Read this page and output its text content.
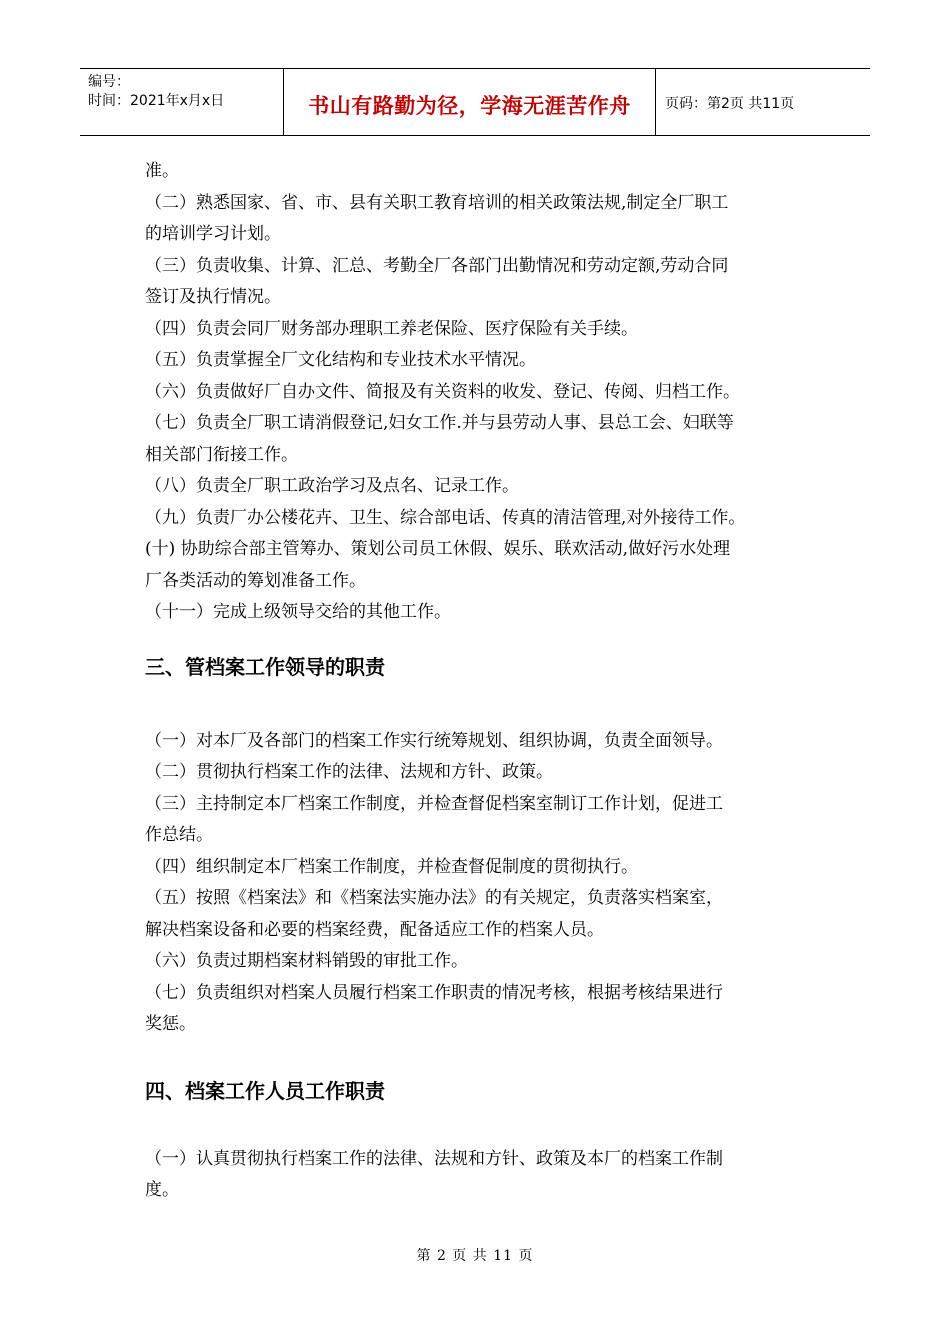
编号：
时间：2021年x月x日	书山有路勤为径，学海无涯苦作舟	页码：第2页 共11页

准。

（二）熟悉国家、省、市、县有关职工教育培训的相关政策法规,制定全厂职工

的培训学习计划。

（三）负责收集、计算、汇总、考勤全厂各部门出勤情况和劳动定额,劳动合同

签订及执行情况。

（四）负责会同厂财务部办理职工养老保险、医疗保险有关手续。

（五）负责掌握全厂文化结构和专业技术水平情况。

（六）负责做好厂自办文件、简报及有关资料的收发、登记、传阅、归档工作。

（七）负责全厂职工请消假登记,妇女工作.并与县劳动人事、县总工会、妇联等

相关部门衔接工作。

（八）负责全厂职工政治学习及点名、记录工作。

（九）负责厂办公楼花卉、卫生、综合部电话、传真的清洁管理,对外接待工作。

(十) 协助综合部主管筹办、策划公司员工休假、娱乐、联欢活动,做好污水处理

厂各类活动的筹划准备工作。

（十一）完成上级领导交给的其他工作。

三、管档案工作领导的职责

（一）对本厂及各部门的档案工作实行统筹规划、组织协调，负责全面领导。

（二）贯彻执行档案工作的法律、法规和方针、政策。

（三）主持制定本厂档案工作制度，并检查督促档案室制订工作计划，促进工

作总结。

（四）组织制定本厂档案工作制度，并检查督促制度的贯彻执行。

（五）按照《档案法》和《档案法实施办法》的有关规定，负责落实档案室，

解决档案设备和必要的档案经费，配备适应工作的档案人员。

（六）负责过期档案材料销毁的审批工作。

（七）负责组织对档案人员履行档案工作职责的情况考核，根据考核结果进行

奖惩。

四、档案工作人员工作职责

（一）认真贯彻执行档案工作的法律、法规和方针、政策及本厂的档案工作制

度。

第 2 页 共 11 页
